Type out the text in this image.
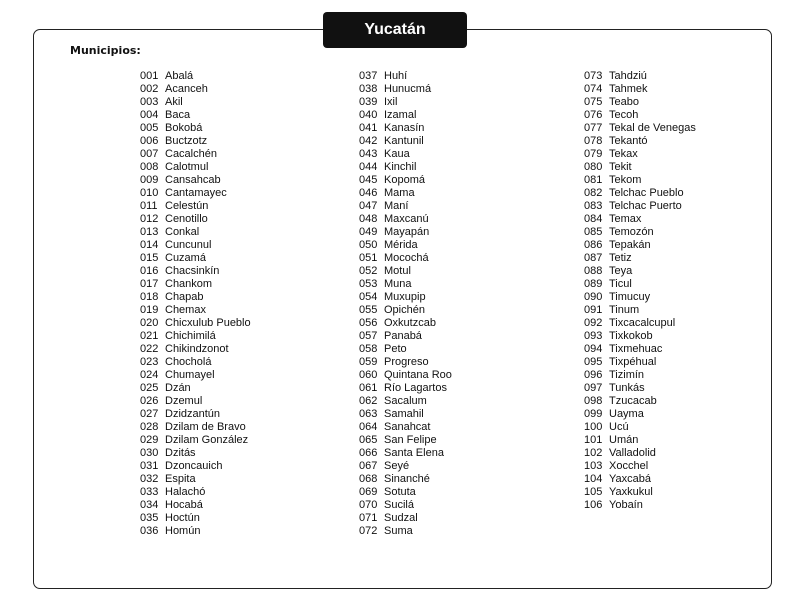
Yucatán
Municipios:
001 Abalá
002 Acanceh
003 Akil
004 Baca
005 Bokobá
006 Buctzotz
007 Cacalchén
008 Calotmul
009 Cansahcab
010 Cantamayec
011 Celestún
012 Cenotillo
013 Conkal
014 Cuncunul
015 Cuzamá
016 Chacsinkín
017 Chankom
018 Chapab
019 Chemax
020 Chicxulub Pueblo
021 Chichimilá
022 Chikindzonot
023 Chocholá
024 Chumayel
025 Dzán
026 Dzemul
027 Dzidzantún
028 Dzilam de Bravo
029 Dzilam González
030 Dzitás
031 Dzoncauich
032 Espita
033 Halachó
034 Hocabá
035 Hoctún
036 Homún
037 Huhí
038 Hunucmá
039 Ixil
040 Izamal
041 Kanasín
042 Kantunil
043 Kaua
044 Kinchil
045 Kopomá
046 Mama
047 Maní
048 Maxcanú
049 Mayapán
050 Mérida
051 Mocochá
052 Motul
053 Muna
054 Muxupip
055 Opichén
056 Oxkutzcab
057 Panabá
058 Peto
059 Progreso
060 Quintana Roo
061 Río Lagartos
062 Sacalum
063 Samahil
064 Sanahcat
065 San Felipe
066 Santa Elena
067 Seyé
068 Sinanché
069 Sotuta
070 Sucilá
071 Sudzal
072 Suma
073 Tahdziú
074 Tahmek
075 Teabo
076 Tecoh
077 Tekal de Venegas
078 Tekantó
079 Tekax
080 Tekit
081 Tekom
082 Telchac Pueblo
083 Telchac Puerto
084 Temax
085 Temozón
086 Tepakán
087 Tetiz
088 Teya
089 Ticul
090 Timucuy
091 Tinum
092 Tixcacalcupul
093 Tixkokob
094 Tixmehuac
095 Tixpéhual
096 Tizimín
097 Tunkás
098 Tzucacab
099 Uayma
100 Ucú
101 Umán
102 Valladolid
103 Xocchel
104 Yaxcabá
105 Yaxkukul
106 Yobaín
